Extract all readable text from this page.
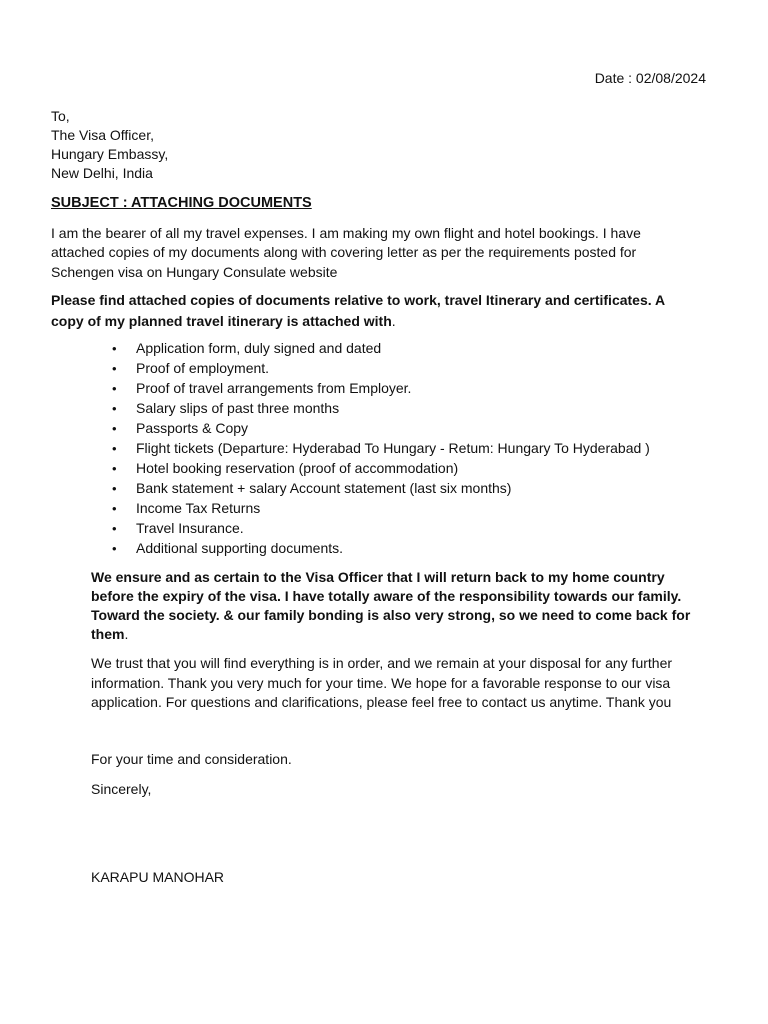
Date : 02/08/2024
To,
The Visa Officer,
Hungary Embassy,
New Delhi, India
SUBJECT : ATTACHING DOCUMENTS

I am the bearer of all my travel expenses. I am making my own flight and hotel bookings. I have attached copies of my documents along with covering letter as per the requirements posted for Schengen visa on Hungary Consulate website

Please find attached copies of documents relative to work, travel Itinerary and certificates. A copy of my planned travel itinerary is attached with.

• Application form, duly signed and dated
• Proof of employment.
• Proof of travel arrangements from Employer.
• Salary slips of past three months
• Passports & Copy
• Flight tickets (Departure: Hyderabad To Hungary - Retum: Hungary To Hyderabad )
• Hotel booking reservation (proof of accommodation)
• Bank statement + salary Account statement (last six months)
• Income Tax Returns
• Travel Insurance.
• Additional supporting documents.

We ensure and as certain to the Visa Officer that I will return back to my home country before the expiry of the visa. I have totally aware of the responsibility towards our family. Toward the society. & our family bonding is also very strong, so we need to come back for them.

We trust that you will find everything is in order, and we remain at your disposal for any further information. Thank you very much for your time. We hope for a favorable response to our visa application. For questions and clarifications, please feel free to contact us anytime. Thank you

For your time and consideration.
Sincerely,
KARAPU MANOHAR
